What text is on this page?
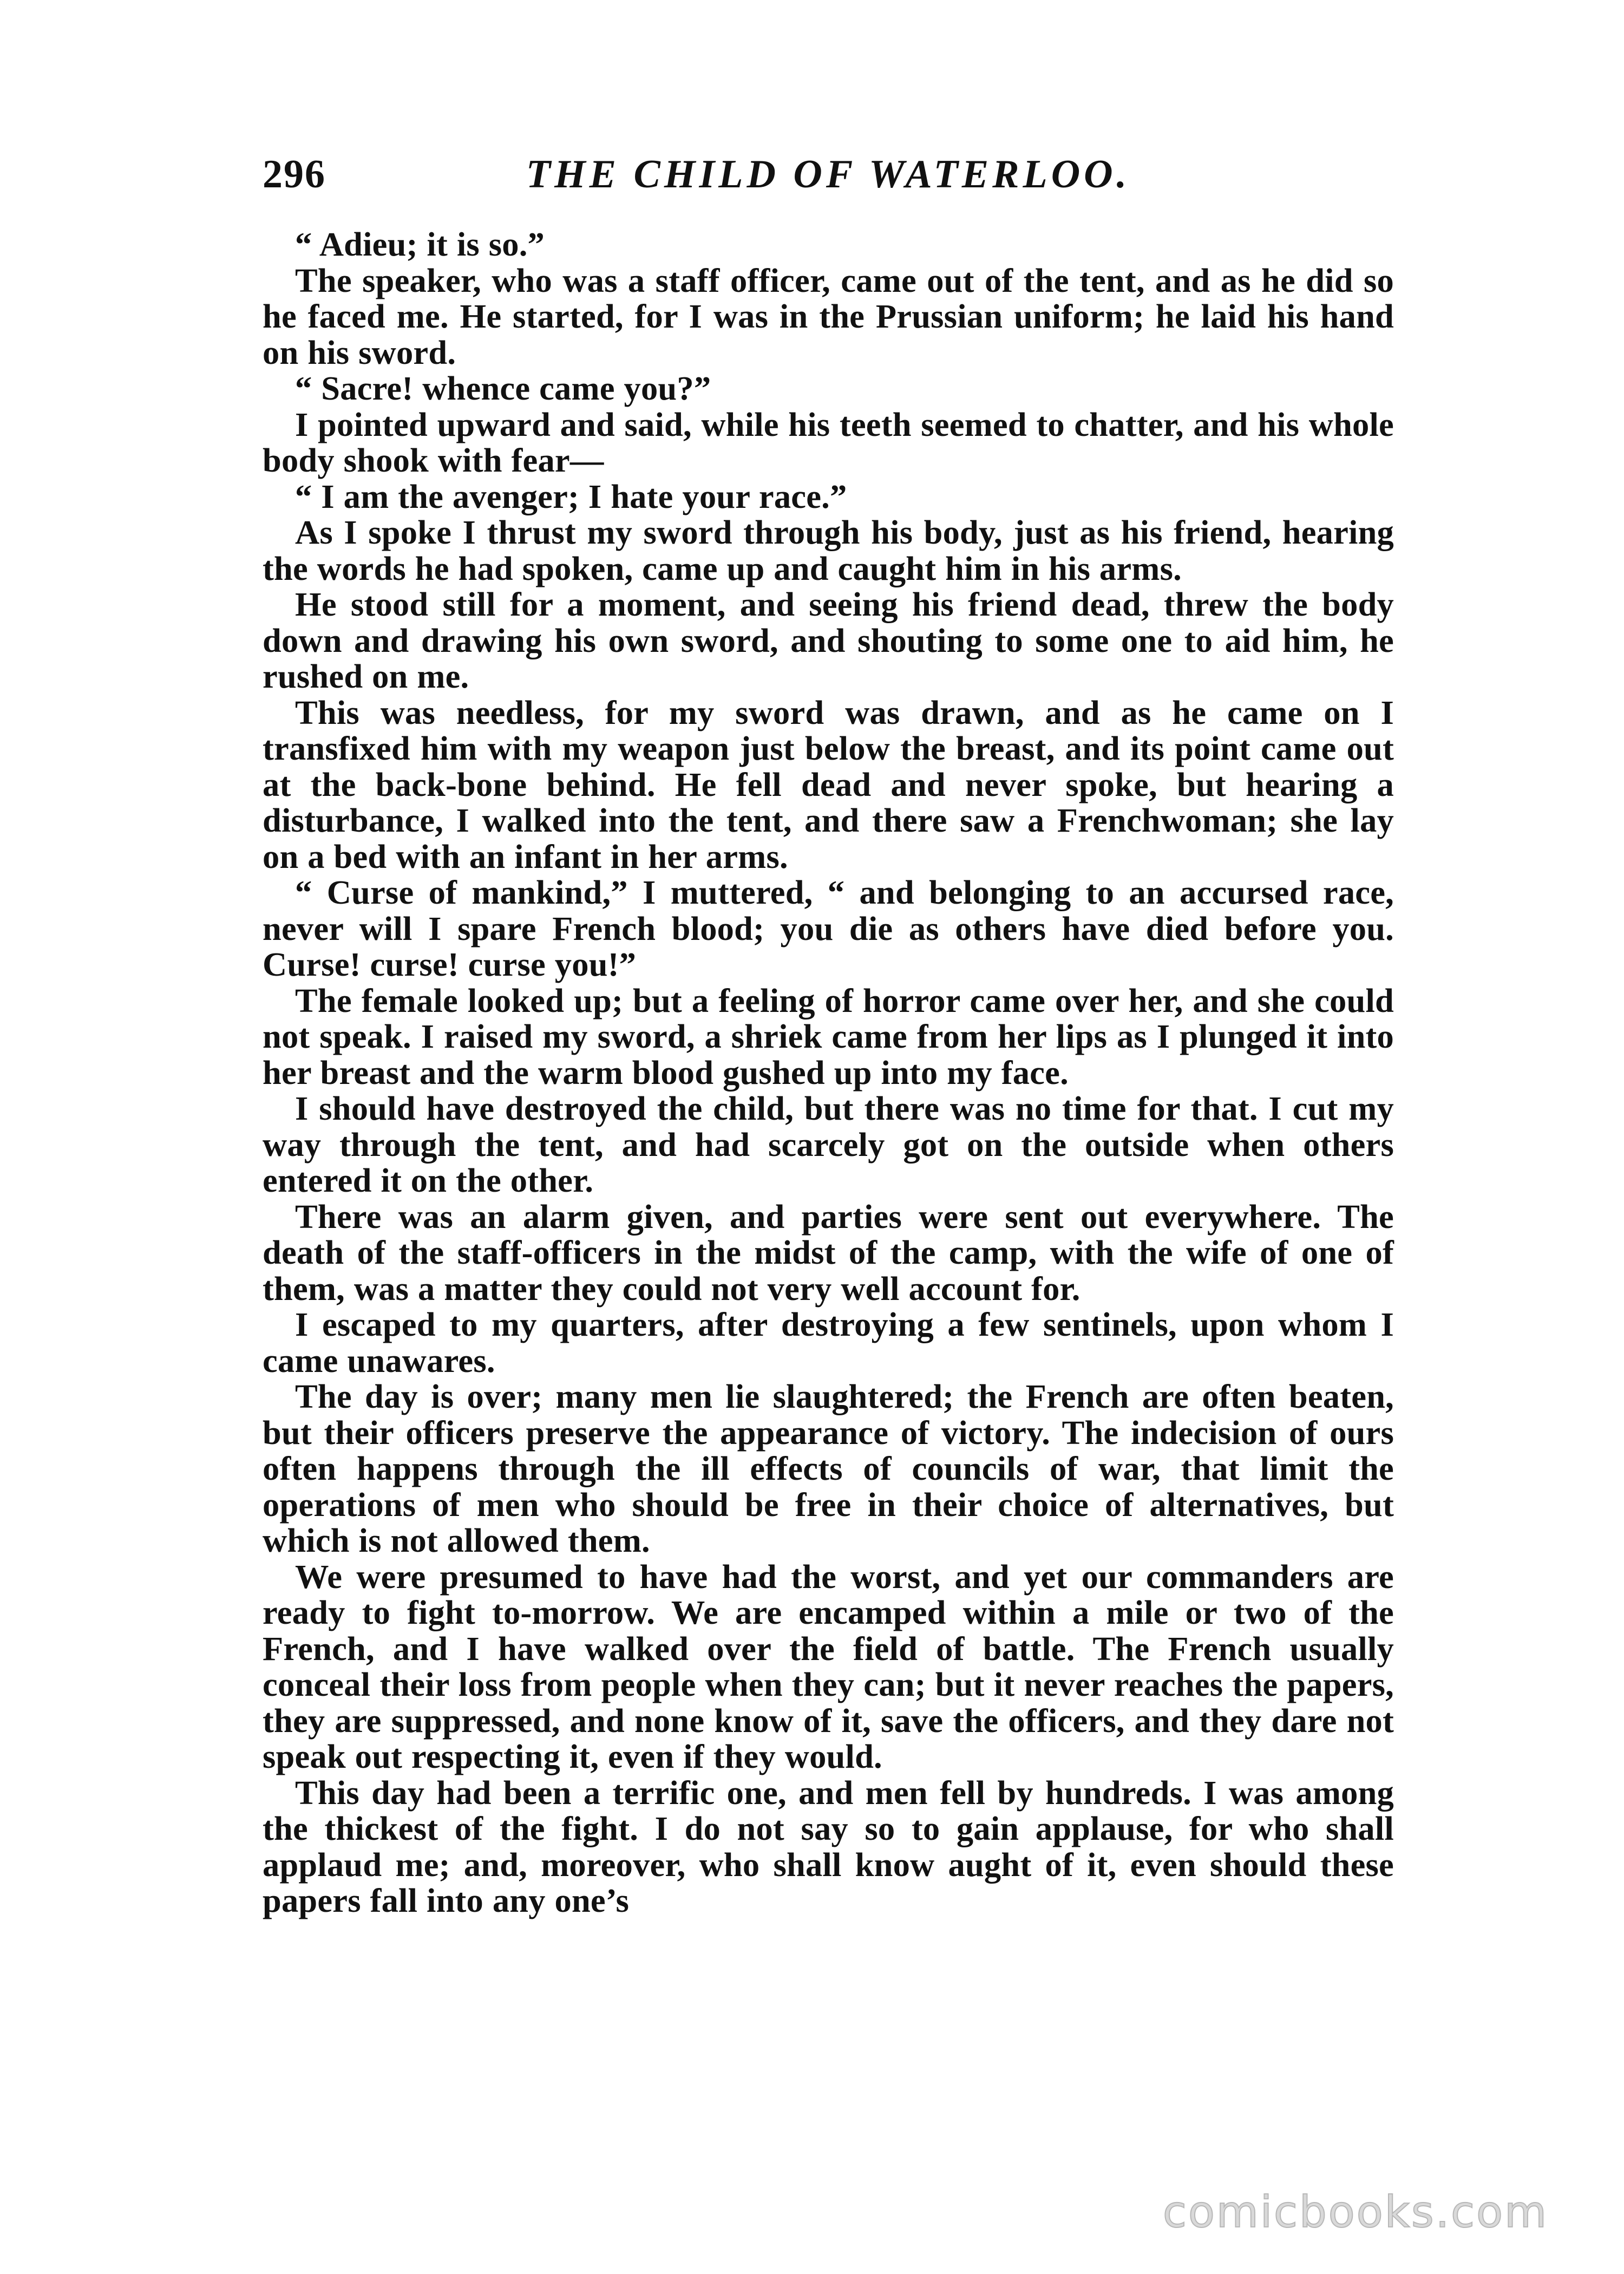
296	THE CHILD OF WATERLOO.

“ Adieu; it is so.”

The speaker, who was a staff officer, came out of the tent, and as he did so he faced me. He started, for I was in the Prussian uniform; he laid his hand on his sword.

“ Sacre! whence came you?”

I pointed upward and said, while his teeth seemed to chatter, and his whole body shook with fear—

“ I am the avenger; I hate your race.”

As I spoke I thrust my sword through his body, just as his friend, hearing the words he had spoken, came up and caught him in his arms.

He stood still for a moment, and seeing his friend dead, threw the body down and drawing his own sword, and shouting to some one to aid him, he rushed on me.

This was needless, for my sword was drawn, and as he came on I transfixed him with my weapon just below the breast, and its point came out at the back-bone behind. He fell dead and never spoke, but hearing a disturbance, I walked into the tent, and there saw a Frenchwoman; she lay on a bed with an infant in her arms.

“ Curse of mankind,” I muttered, “ and belonging to an accursed race, never will I spare French blood; you die as others have died before you. Curse! curse! curse you!”

The female looked up; but a feeling of horror came over her, and she could not speak. I raised my sword, a shriek came from her lips as I plunged it into her breast and the warm blood gushed up into my face.

I should have destroyed the child, but there was no time for that. I cut my way through the tent, and had scarcely got on the outside when others entered it on the other.

There was an alarm given, and parties were sent out everywhere. The death of the staff-officers in the midst of the camp, with the wife of one of them, was a matter they could not very well account for.

I escaped to my quarters, after destroying a few sentinels, upon whom I came unawares.

The day is over; many men lie slaughtered; the French are often beaten, but their officers preserve the appearance of victory. The indecision of ours often happens through the ill effects of councils of war, that limit the operations of men who should be free in their choice of alternatives, but which is not allowed them.

We were presumed to have had the worst, and yet our commanders are ready to fight to-morrow. We are encamped within a mile or two of the French, and I have walked over the field of battle. The French usually conceal their loss from people when they can; but it never reaches the papers, they are suppressed, and none know of it, save the officers, and they dare not speak out respecting it, even if they would.

This day had been a terrific one, and men fell by hundreds. I was among the thickest of the fight. I do not say so to gain applause, for who shall applaud me; and, moreover, who shall know aught of it, even should these papers fall into any one’s

comicbooks.com
